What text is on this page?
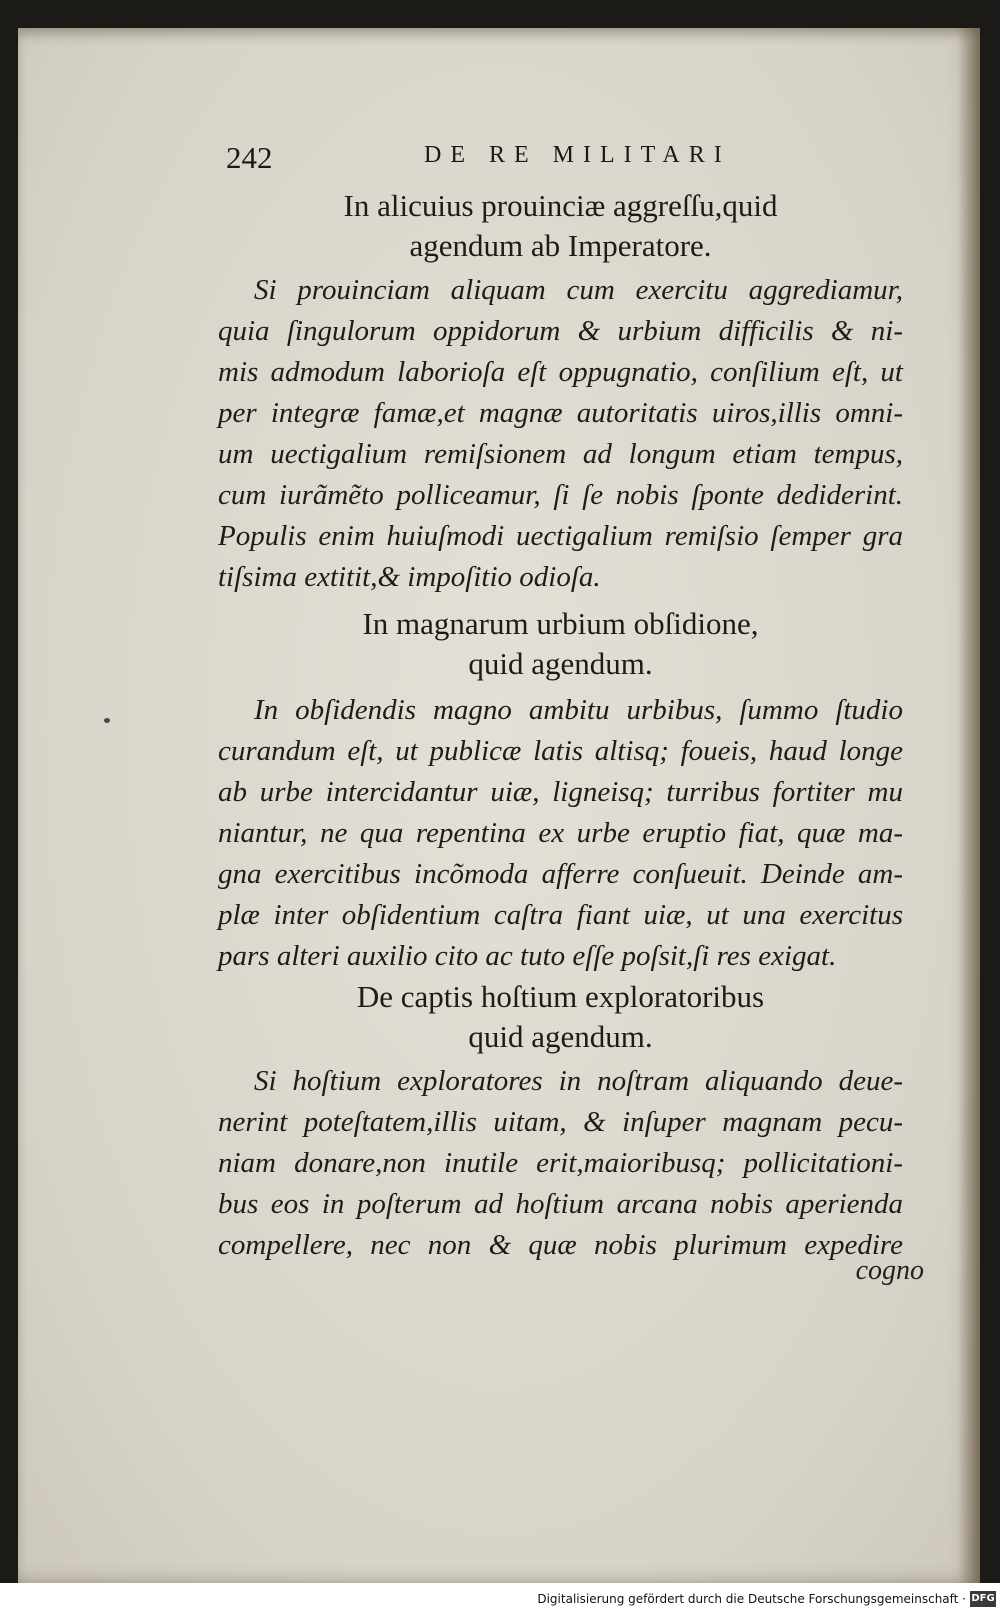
242	DE RE MILITARI
In alicuius prouinciæ aggreſſu,quid
agendum ab Imperatore.
Si prouinciam aliquam cum exercitu aggrediamur,
quia ſingulorum oppidorum & urbium difficilis & ni-
mis admodum laborioſa eſt oppugnatio, conſilium eſt, ut
per integræ famæ,et magnæ autoritatis uiros,illis omni-
um uectigalium remiſsionem ad longum etiam tempus,
cum iurãmẽto polliceamur, ſi ſe nobis ſponte dediderint.
Populis enim huiuſmodi uectigalium remiſsio ſemper gra
tiſsima extitit,& impoſitio odioſa.
In magnarum urbium obſidione,
quid agendum.
In obſidendis magno ambitu urbibus, ſummo ſtudio
curandum eſt, ut publicæ latis altisq; foueis, haud longe
ab urbe intercidantur uiæ, ligneisq; turribus fortiter mu
niantur, ne qua repentina ex urbe eruptio fiat, quæ ma-
gna exercitibus incõmoda afferre conſueuit. Deinde am-
plæ inter obſidentium caſtra fiant uiæ, ut una exercitus
pars alteri auxilio cito ac tuto eſſe poſsit,ſi res exigat.
De captis hoſtium exploratoribus
quid agendum.
Si hoſtium exploratores in noſtram aliquando deue-
nerint poteſtatem,illis uitam, & inſuper magnam pecu-
niam donare,non inutile erit,maioribusq; pollicitationi-
bus eos in poſterum ad hoſtium arcana nobis aperienda
compellere, nec non & quæ nobis plurimum expedire
cogno
Digitalisierung gefördert durch die Deutsche Forschungsgemeinschaft · DFG
